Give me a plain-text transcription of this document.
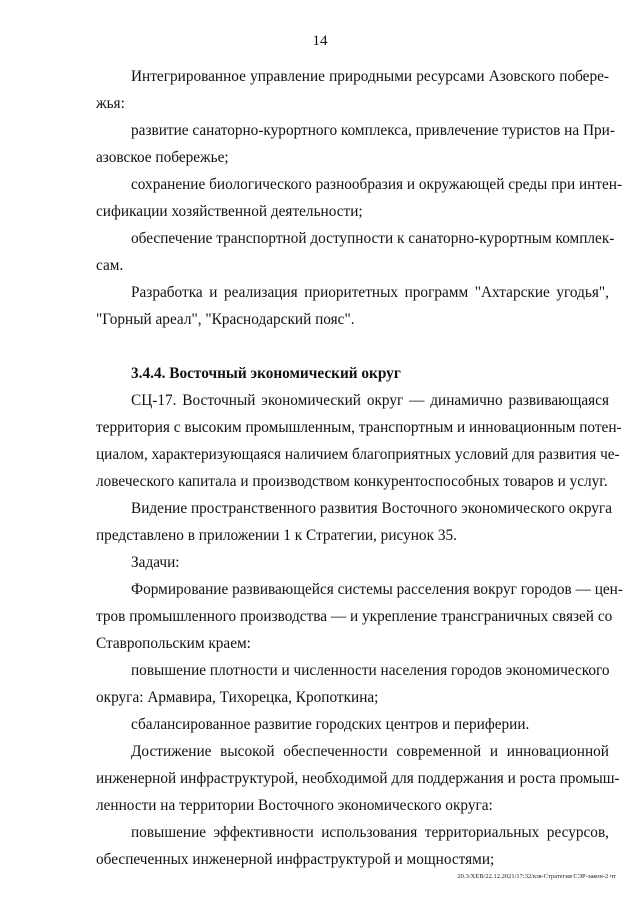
14
Интегрированное управление природными ресурсами Азовского побере-
жья:
развитие санаторно-курортного комплекса, привлечение туристов на При-
азовское побережье;
сохранение биологического разнообразия и окружающей среды при интен-
сификации хозяйственной деятельности;
обеспечение транспортной доступности к санаторно-курортным комплек-
сам.
Разработка и реализация приоритетных программ "Ахтарские угодья",
"Горный ареал", "Краснодарский пояс".
3.4.4. Восточный экономический округ
СЦ-17. Восточный экономический округ — динамично развивающаяся
территория с высоким промышленным, транспортным и инновационным потен-
циалом, характеризующаяся наличием благоприятных условий для развития че-
ловеческого капитала и производством конкурентоспособных товаров и услуг.
Видение пространственного развития Восточного экономического округа
представлено в приложении 1 к Стратегии, рисунок 35.
Задачи:
Формирование развивающейся системы расселения вокруг городов — цен-
тров промышленного производства — и укрепление трансграничных связей со
Ставропольским краем:
повышение плотности и численности населения городов экономического
округа: Армавира, Тихорецка, Кропоткина;
сбалансированное развитие городских центров и периферии.
Достижение высокой обеспеченности современной и инновационной
инженерной инфраструктурой, необходимой для поддержания и роста промыш-
ленности на территории Восточного экономического округа:
повышение эффективности использования территориальных ресурсов,
обеспеченных инженерной инфраструктурой и мощностями;
20.3/XEB/22.12.2021/17:32/кзя-Стратегия СЭР-закон-2 чт
